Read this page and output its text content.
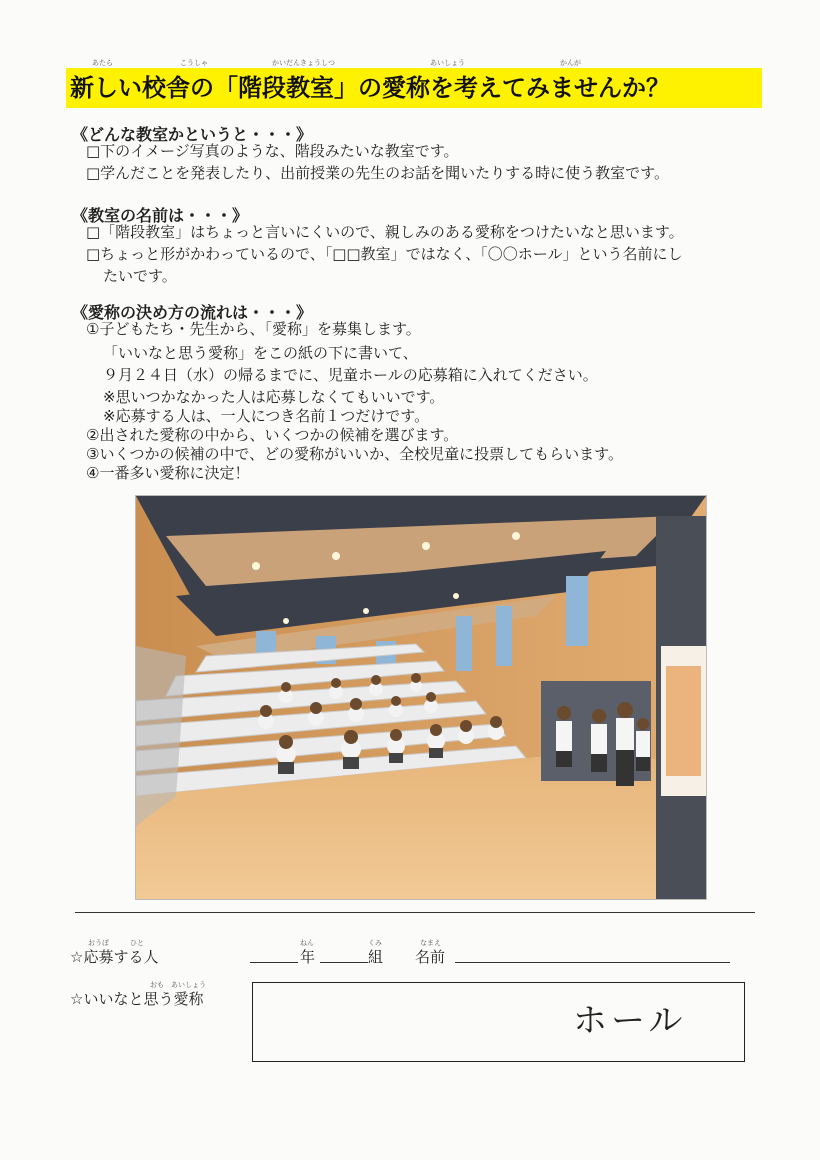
新しい校舎の「階段教室」の愛称を考えてみませんか？
《どんな教室かというと・・・》
□下のイメージ写真のような、階段みたいな教室です。
□学んだことを発表したり、出前授業の先生のお話を聞いたりする時に使う教室です。
《教室の名前は・・・》
□「階段教室」はちょっと言いにくいので、親しみのある愛称をつけたいなと思います。
□ちょっと形がかわっているので、「□□教室」ではなく、「〇〇ホール」という名前にし
たいです。
《愛称の決め方の流れは・・・》
①子どもたち・先生から、「愛称」を募集します。
「いいなと思う愛称」をこの紙の下に書いて、
９月２４日（水）の帰るまでに、児童ホールの応募箱に入れてください。
※思いつかなかった人は応募しなくてもいいです。
※応募する人は、一人につき名前１つだけです。
②出された愛称の中から、いくつかの候補を選びます。
③いくつかの候補の中で、どの愛称がいいか、全校児童に投票してもらいます。
④一番多い愛称に決定！
おうぼ　　　ひと
☆応募する人
ねん
年
くみ
組
なまえ
名前
おも　あいしょう
☆いいなと思う愛称
ホール
あたら	こうしゃ	かいだんきょうしつ	あいしょう	かんが
